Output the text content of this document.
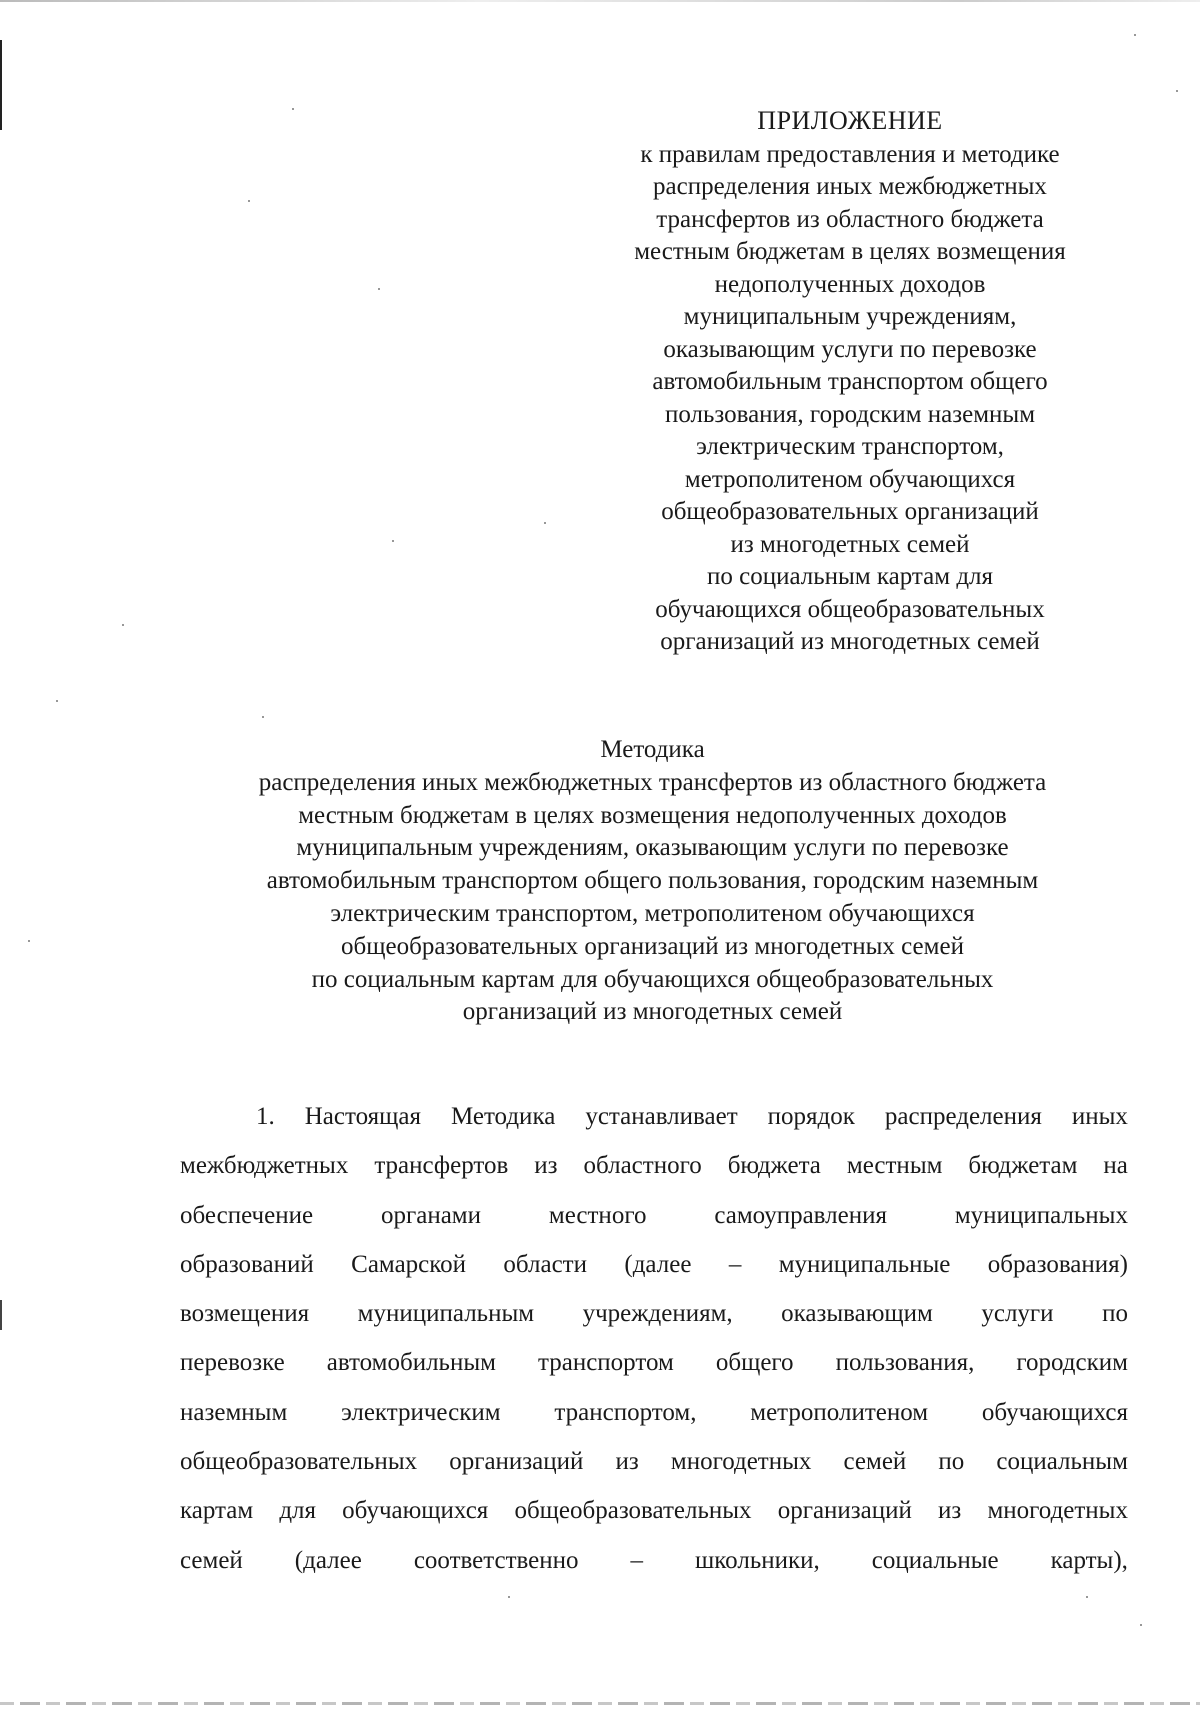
ПРИЛОЖЕНИЕ
к правилам предоставления и методике
распределения иных межбюджетных
трансфертов из областного бюджета
местным бюджетам в целях возмещения
недополученных доходов
муниципальным учреждениям,
оказывающим услуги по перевозке
автомобильным транспортом общего
пользования, городским наземным
электрическим транспортом,
метрополитеном обучающихся
общеобразовательных организаций
из многодетных семей
по социальным картам для
обучающихся общеобразовательных
организаций из многодетных семей
Методика
распределения иных межбюджетных трансфертов из областного бюджета
местным бюджетам в целях возмещения недополученных доходов
муниципальным учреждениям, оказывающим услуги по перевозке
автомобильным транспортом общего пользования, городским наземным
электрическим транспортом, метрополитеном обучающихся
общеобразовательных организаций из многодетных семей
по социальным картам для обучающихся общеобразовательных
организаций из многодетных семей
1. Настоящая Методика устанавливает порядок распределения иных
межбюджетных трансфертов из областного бюджета местным бюджетам на
обеспечение	органами	местного	самоуправления	муниципальных
образований Самарской области (далее – муниципальные образования)
возмещения муниципальным учреждениям, оказывающим услуги по
перевозке автомобильным транспортом общего пользования, городским
наземным электрическим транспортом, метрополитеном обучающихся
общеобразовательных организаций из многодетных семей по социальным
картам для обучающихся общеобразовательных организаций из многодетных
семей (далее соответственно – школьники, социальные карты),
